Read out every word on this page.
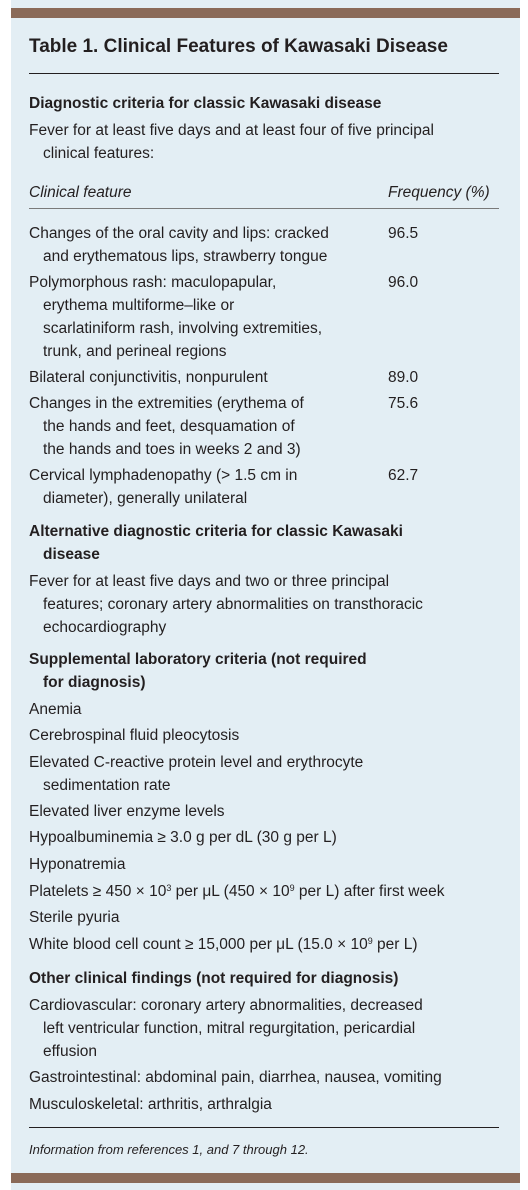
Table 1. Clinical Features of Kawasaki Disease
Diagnostic criteria for classic Kawasaki disease
Fever for at least five days and at least four of five principal
clinical features:
Clinical feature	Frequency (%)
Changes of the oral cavity and lips: cracked
and erythematous lips, strawberry tongue
96.5
Polymorphous rash: maculopapular,
erythema multiforme–like or
scarlatiniform rash, involving extremities,
trunk, and perineal regions
96.0
Bilateral conjunctivitis, nonpurulent	89.0
Changes in the extremities (erythema of
the hands and feet, desquamation of
the hands and toes in weeks 2 and 3)
75.6
Cervical lymphadenopathy (> 1.5 cm in
diameter), generally unilateral
62.7
Alternative diagnostic criteria for classic Kawasaki
disease
Fever for at least five days and two or three principal
features; coronary artery abnormalities on transthoracic
echocardiography
Supplemental laboratory criteria (not required
for diagnosis)
Anemia
Cerebrospinal fluid pleocytosis
Elevated C-reactive protein level and erythrocyte
sedimentation rate
Elevated liver enzyme levels
Hypoalbuminemia ≥ 3.0 g per dL (30 g per L)
Hyponatremia
Platelets ≥ $450 \times 10^3$ per μL ($450 \times 10^9$ per L) after first week
Sterile pyuria
White blood cell count ≥ 15,000 per μL ($15.0 \times 10^9$ per L)
Other clinical findings (not required for diagnosis)
Cardiovascular: coronary artery abnormalities, decreased
left ventricular function, mitral regurgitation, pericardial
effusion
Gastrointestinal: abdominal pain, diarrhea, nausea, vomiting
Musculoskeletal: arthritis, arthralgia
Information from references 1, and 7 through 12.
